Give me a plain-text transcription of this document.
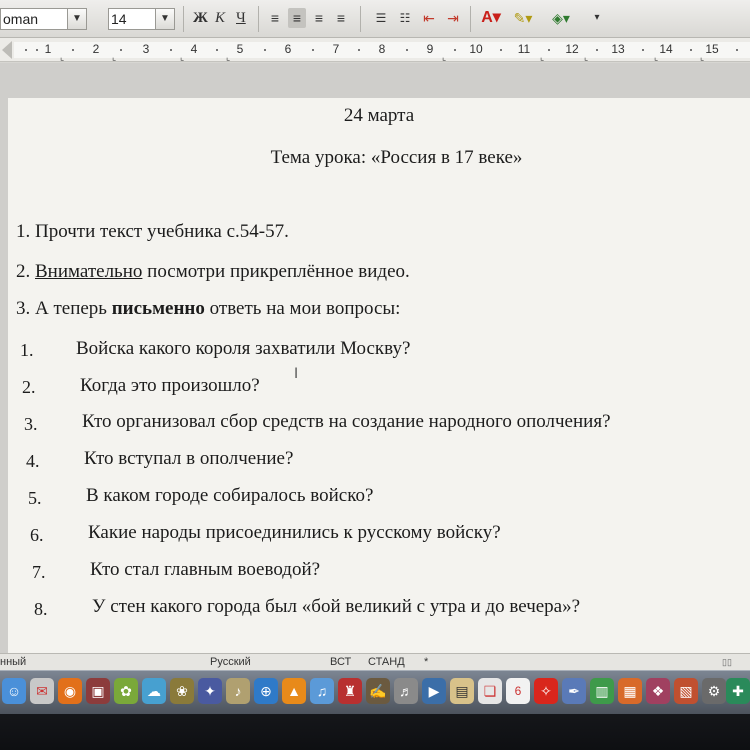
oman	▼	14	▼	Ж К Ч	≡ ≡ ≡ ≡	☰	☷ ⇤ ⇥ A▾ ✎▾ ◈▾	▾
1	2	3	4	5	6	7	8	9	10	11	12	13	14	15
⌞	⌞	⌞	⌞	⌞	⌞	⌞	⌞	⌞
24 марта
Тема урока: «Россия в 17 веке»
1. Прочти текст учебника с.54-57.
2. Внимательно посмотри прикреплённое видео.
3. А теперь письменно ответь на мои вопросы:
1. Войска какого короля захватили Москву?
2. Когда это произошло?
I
3. Кто организовал сбор средств на создание народного ополчения?
4. Кто вступал в ополчение?
5. В каком городе собиралось войско?
6. Какие народы присоединились к русскому войску?
7. Кто стал главным воеводой?
8. У стен какого города был «бой великий с утра и до вечера»?
нный	Русский	ВСТ СТАНД *	▯▯
☺	✉	◉	▣	✿	☁	❀	✦	♪	⊕	▲	♫	♜ ✍ ♬	▶	▤	❏	6	✧	✒	▥	▦	❖	▧	⚙ ✚
